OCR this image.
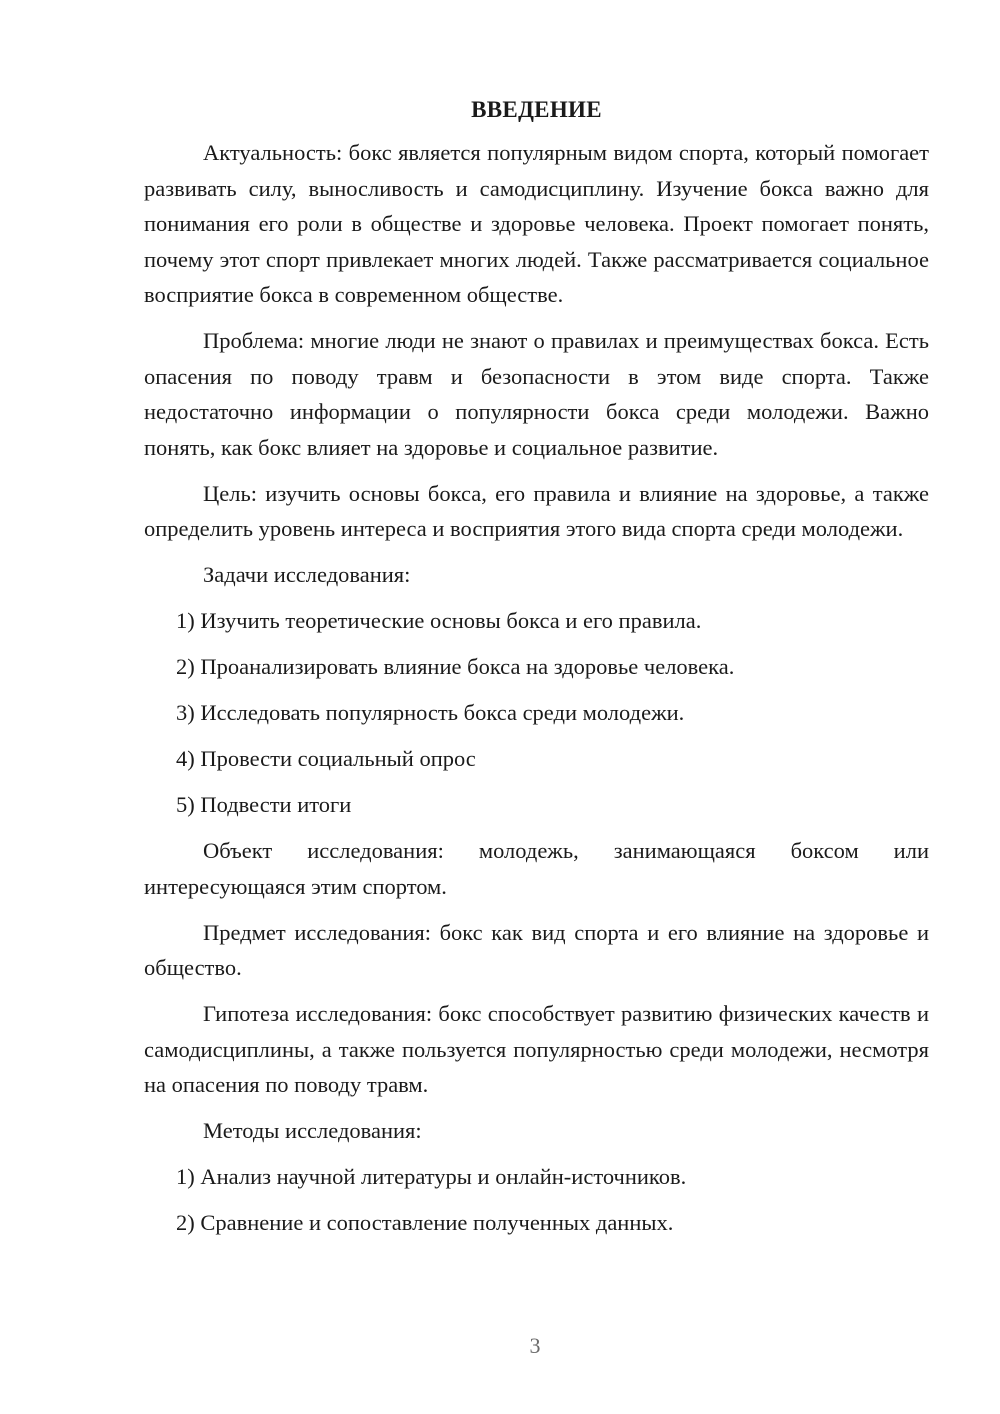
ВВЕДЕНИЕ

Актуальность: бокс является популярным видом спорта, который помогает развивать силу, выносливость и самодисциплину. Изучение бокса важно для понимания его роли в обществе и здоровье человека. Проект помогает понять, почему этот спорт привлекает многих людей. Также рассматривается социальное восприятие бокса в современном обществе.

Проблема: многие люди не знают о правилах и преимуществах бокса. Есть опасения по поводу травм и безопасности в этом виде спорта. Также недостаточно информации о популярности бокса среди молодежи. Важно понять, как бокс влияет на здоровье и социальное развитие.

Цель: изучить основы бокса, его правила и влияние на здоровье, а также определить уровень интереса и восприятия этого вида спорта среди молодежи.

Задачи исследования:

1) Изучить теоретические основы бокса и его правила.
2) Проанализировать влияние бокса на здоровье человека.
3) Исследовать популярность бокса среди молодежи.
4) Провести социальный опрос
5) Подвести итоги

Объект исследования: молодежь, занимающаяся боксом или интересующаяся этим спортом.

Предмет исследования: бокс как вид спорта и его влияние на здоровье и общество.

Гипотеза исследования: бокс способствует развитию физических качеств и самодисциплины, а также пользуется популярностью среди молодежи, несмотря на опасения по поводу травм.

Методы исследования:

1) Анализ научной литературы и онлайн-источников.
2) Сравнение и сопоставление полученных данных.
3
